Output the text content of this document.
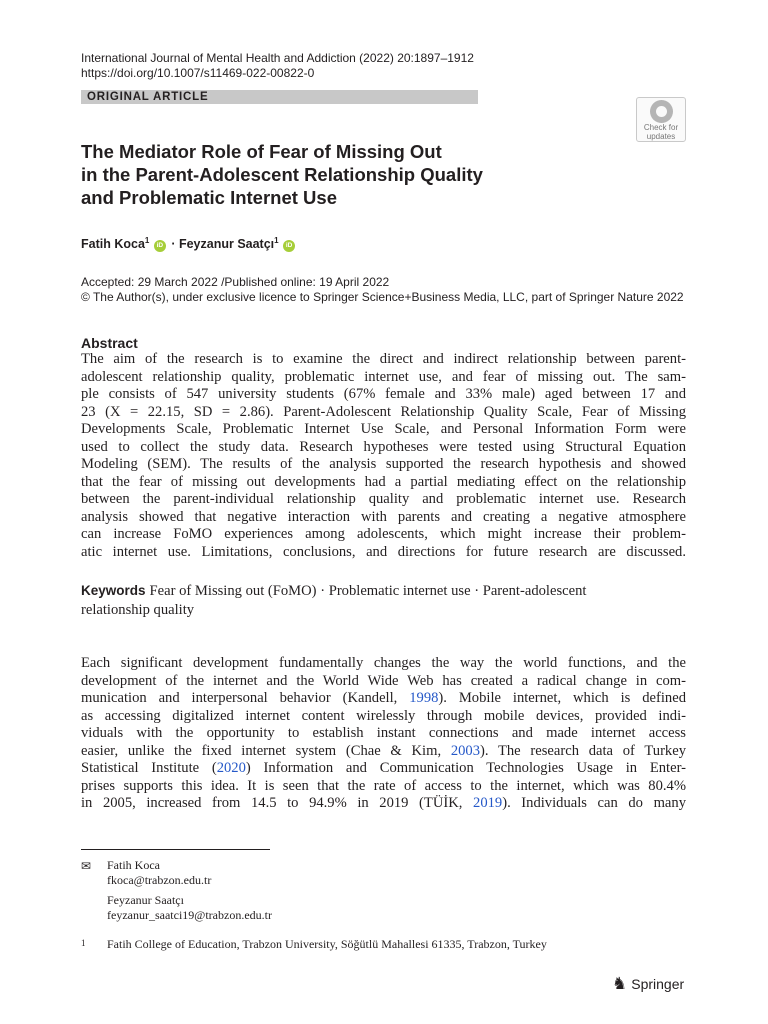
International Journal of Mental Health and Addiction (2022) 20:1897–1912
https://doi.org/10.1007/s11469-022-00822-0
ORIGINAL ARTICLE
Check for
updates
The Mediator Role of Fear of Missing Out
in the Parent-Adolescent Relationship Quality
and Problematic Internet Use
Fatih Koca$^1$ iD · Feyzanur Saatçı$^1$ iD
Accepted: 29 March 2022 /Published online: 19 April 2022
© The Author(s), under exclusive licence to Springer Science+Business Media, LLC, part of Springer Nature 2022
Abstract
The aim of the research is to examine the direct and indirect relationship between parent-
adolescent relationship quality, problematic internet use, and fear of missing out. The sam-
ple consists of 547 university students (67% female and 33% male) aged between 17 and
23 (X = 22.15, SD = 2.86). Parent-Adolescent Relationship Quality Scale, Fear of Missing
Developments Scale, Problematic Internet Use Scale, and Personal Information Form were
used to collect the study data. Research hypotheses were tested using Structural Equation
Modeling (SEM). The results of the analysis supported the research hypothesis and showed
that the fear of missing out developments had a partial mediating effect on the relationship
between the parent-individual relationship quality and problematic internet use. Research
analysis showed that negative interaction with parents and creating a negative atmosphere
can increase FoMO experiences among adolescents, which might increase their problem-
atic internet use. Limitations, conclusions, and directions for future research are discussed.
Keywords Fear of Missing out (FoMO) · Problematic internet use · Parent-adolescent
relationship quality
Each significant development fundamentally changes the way the world functions, and the
development of the internet and the World Wide Web has created a radical change in com-
munication and interpersonal behavior (Kandell, 1998). Mobile internet, which is defined
as accessing digitalized internet content wirelessly through mobile devices, provided indi-
viduals with the opportunity to establish instant connections and made internet access
easier, unlike the fixed internet system (Chae & Kim, 2003). The research data of Turkey
Statistical Institute (2020) Information and Communication Technologies Usage in Enter-
prises supports this idea. It is seen that the rate of access to the internet, which was 80.4%
in 2005, increased from 14.5 to 94.9% in 2019 (TÜİK, 2019). Individuals can do many
✉ Fatih Koca
fkoca@trabzon.edu.tr
Feyzanur Saatçı
feyzanur_saatci19@trabzon.edu.tr
1 Fatih College of Education, Trabzon University, Söğütlü Mahallesi 61335, Trabzon, Turkey
♞ Springer
